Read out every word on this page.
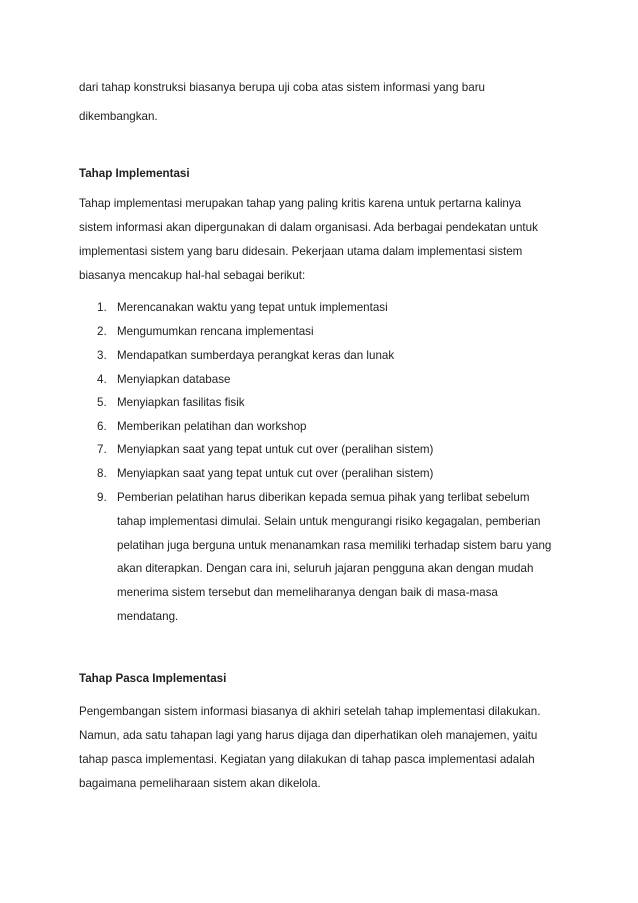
dari tahap konstruksi biasanya berupa uji coba atas sistem informasi yang baru

dikembangkan.

Tahap Implementasi

Tahap implementasi merupakan tahap yang paling kritis karena untuk pertarna kalinya

sistem informasi akan dipergunakan di dalam organisasi. Ada berbagai pendekatan untuk

implementasi sistem yang baru didesain. Pekerjaan utama dalam implementasi sistem

biasanya mencakup hal-hal sebagai berikut:

1. Merencanakan waktu yang tepat untuk implementasi

2. Mengumumkan rencana implementasi

3. Mendapatkan sumberdaya perangkat keras dan lunak

4. Menyiapkan database

5. Menyiapkan fasilitas fisik

6. Memberikan pelatihan dan workshop

7. Menyiapkan saat yang tepat untuk cut over (peralihan sistem)

8. Menyiapkan saat yang tepat untuk cut over (peralihan sistem)

9. Pemberian pelatihan harus diberikan kepada semua pihak yang terlibat sebelum

tahap implementasi dimulai. Selain untuk mengurangi risiko kegagalan, pemberian

pelatihan juga berguna untuk menanamkan rasa memiliki terhadap sistem baru yang

akan diterapkan. Dengan cara ini, seluruh jajaran pengguna akan dengan mudah

menerima sistem tersebut dan memeliharanya dengan baik di masa-masa

mendatang.

Tahap Pasca Implementasi

Pengembangan sistem informasi biasanya di akhiri setelah tahap implementasi dilakukan.

Namun, ada satu tahapan lagi yang harus dijaga dan diperhatikan oleh manajemen, yaitu

tahap pasca implementasi. Kegiatan yang dilakukan di tahap pasca implementasi adalah

bagaimana pemeliharaan sistem akan dikelola.
